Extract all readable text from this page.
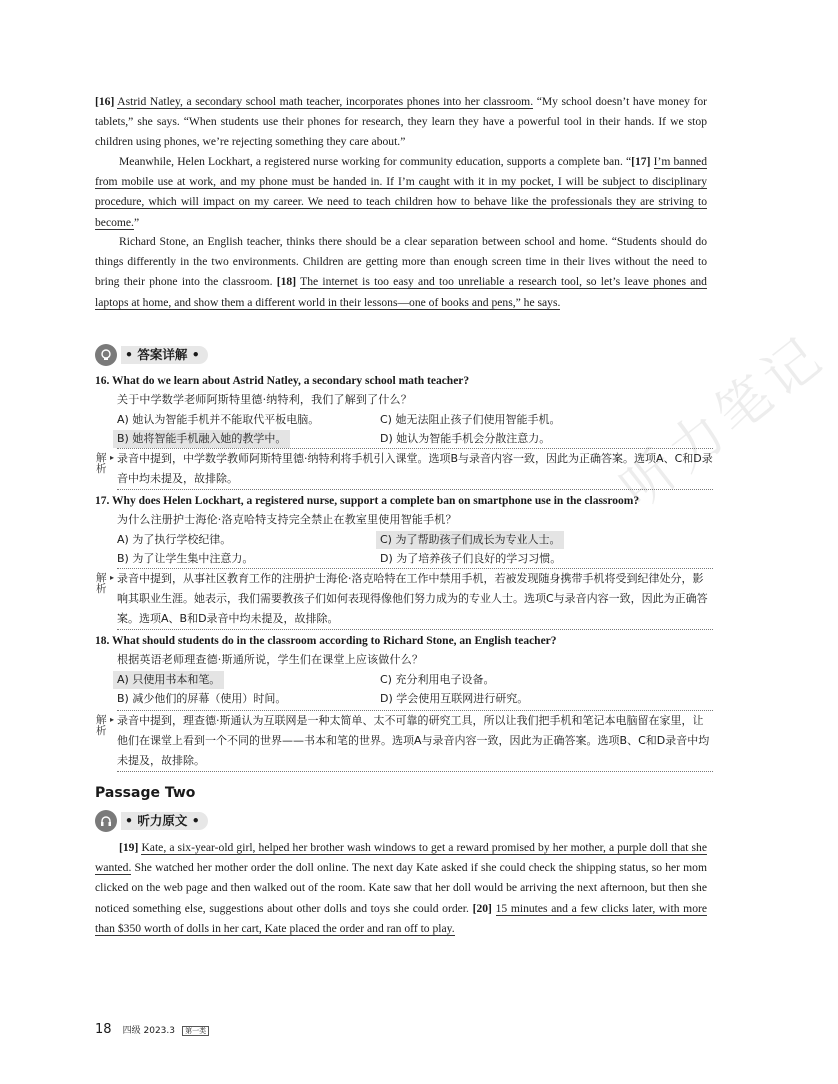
听力笔记
[16] Astrid Natley, a secondary school math teacher, incorporates phones into her classroom. “My school doesn’t have money for tablets,” she says. “When students use their phones for research, they learn they have a powerful tool in their hands. If we stop children using phones, we’re rejecting something they care about.”
Meanwhile, Helen Lockhart, a registered nurse working for community education, supports a complete ban. “[17] I’m banned from mobile use at work, and my phone must be handed in. If I’m caught with it in my pocket, I will be subject to disciplinary procedure, which will impact on my career. We need to teach children how to behave like the professionals they are striving to become.”
Richard Stone, an English teacher, thinks there should be a clear separation between school and home. “Students should do things differently in the two environments. Children are getting more than enough screen time in their lives without the need to bring their phone into the classroom. [18] The internet is too easy and too unreliable a research tool, so let’s leave phones and laptops at home, and show them a different world in their lessons—one of books and pens,” he says.
• 答案详解 •
16. What do we learn about Astrid Natley, a secondary school math teacher?
关于中学数学老师阿斯特里德·纳特利，我们了解到了什么？
A) 她认为智能手机并不能取代平板电脑。	C) 她无法阻止孩子们使用智能手机。
B) 她将智能手机融入她的教学中。	D) 她认为智能手机会分散注意力。
解析
▸ 录音中提到，中学数学教师阿斯特里德·纳特利将手机引入课堂。选项B与录音内容一致，因此为正确答案。选项A、C和D录音中均未提及，故排除。
17. Why does Helen Lockhart, a registered nurse, support a complete ban on smartphone use in the classroom?
为什么注册护士海伦·洛克哈特支持完全禁止在教室里使用智能手机？
A) 为了执行学校纪律。	C) 为了帮助孩子们成长为专业人士。
B) 为了让学生集中注意力。	D) 为了培养孩子们良好的学习习惯。
解析
▸ 录音中提到，从事社区教育工作的注册护士海伦·洛克哈特在工作中禁用手机，若被发现随身携带手机将受到纪律处分，影响其职业生涯。她表示，我们需要教孩子们如何表现得像他们努力成为的专业人士。选项C与录音内容一致，因此为正确答案。选项A、B和D录音中均未提及，故排除。
18. What should students do in the classroom according to Richard Stone, an English teacher?
根据英语老师理查德·斯通所说，学生们在课堂上应该做什么？
A) 只使用书本和笔。	C) 充分利用电子设备。
B) 减少他们的屏幕（使用）时间。	D) 学会使用互联网进行研究。
解析
▸ 录音中提到，理查德·斯通认为互联网是一种太简单、太不可靠的研究工具，所以让我们把手机和笔记本电脑留在家里，让他们在课堂上看到一个不同的世界——书本和笔的世界。选项A与录音内容一致，因此为正确答案。选项B、C和D录音中均未提及，故排除。
Passage Two
• 听力原文 •
[19] Kate, a six-year-old girl, helped her brother wash windows to get a reward promised by her mother, a purple doll that she wanted. She watched her mother order the doll online. The next day Kate asked if she could check the shipping status, so her mom clicked on the web page and then walked out of the room. Kate saw that her doll would be arriving the next afternoon, but then she noticed something else, suggestions about other dolls and toys she could order. [20] 15 minutes and a few clicks later, with more than $350 worth of dolls in her cart, Kate placed the order and ran off to play.
18 四级 2023.3 第一类
